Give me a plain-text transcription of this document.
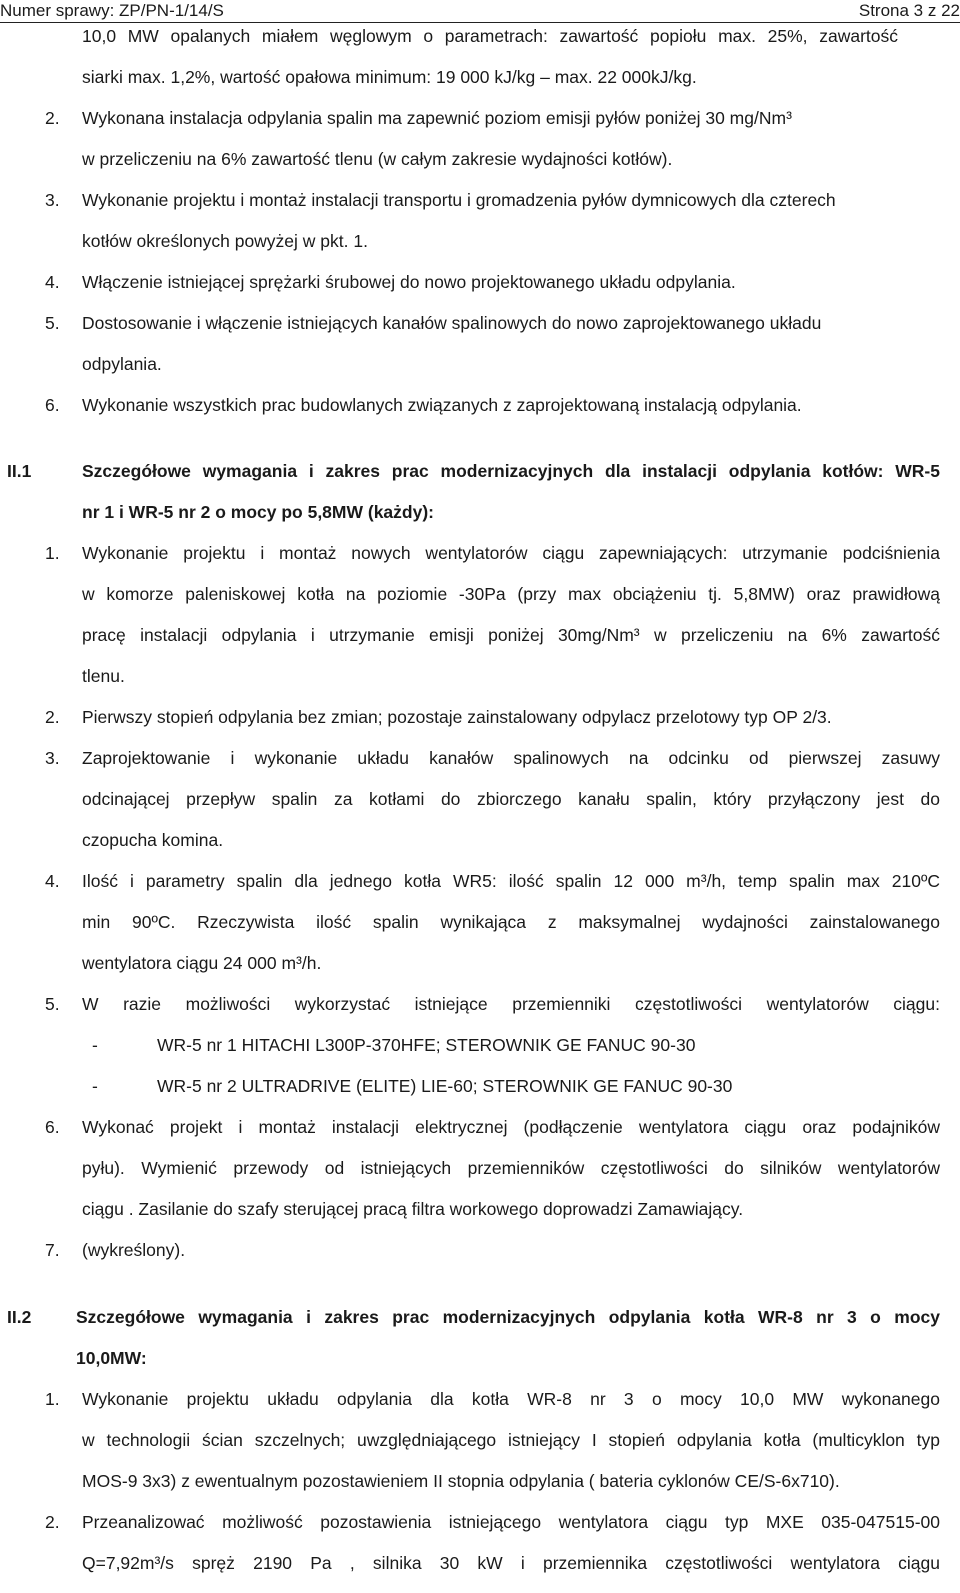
Numer sprawy: ZP/PN-1/14/S	Strona 3 z 22
10,0 MW opalanych miałem węglowym o parametrach: zawartość popiołu max. 25%, zawartość
siarki max. 1,2%, wartość opałowa minimum: 19 000 kJ/kg – max. 22 000kJ/kg.
2. Wykonana instalacja odpylania spalin ma zapewnić poziom emisji pyłów poniżej 30 mg/Nm³
w przeliczeniu na 6% zawartość tlenu (w całym zakresie wydajności kotłów).
3. Wykonanie projektu i montaż instalacji transportu i gromadzenia pyłów dymnicowych dla czterech
kotłów określonych powyżej w pkt. 1.
4. Włączenie istniejącej sprężarki śrubowej do nowo projektowanego układu odpylania.
5. Dostosowanie i włączenie istniejących kanałów spalinowych do nowo zaprojektowanego układu
odpylania.
6. Wykonanie wszystkich prac budowlanych związanych z zaprojektowaną instalacją odpylania.
II.1	Szczegółowe wymagania i zakres prac modernizacyjnych dla instalacji odpylania kotłów: WR-5
nr 1 i WR-5 nr 2 o mocy po 5,8MW (każdy):
1. Wykonanie projektu i montaż nowych wentylatorów ciągu zapewniających: utrzymanie podciśnienia
w komorze paleniskowej kotła na poziomie -30Pa (przy max obciążeniu tj. 5,8MW) oraz prawidłową
pracę instalacji odpylania i utrzymanie emisji poniżej 30mg/Nm³ w przeliczeniu na 6% zawartość
tlenu.
2. Pierwszy stopień odpylania bez zmian; pozostaje zainstalowany odpylacz przelotowy typ OP 2/3.
3. Zaprojektowanie i wykonanie układu kanałów spalinowych na odcinku od pierwszej zasuwy
odcinającej przepływ spalin za kotłami do zbiorczego kanału spalin, który przyłączony jest do
czopucha komina.
4. Ilość i parametry spalin dla jednego kotła WR5: ilość spalin 12 000 m³/h, temp spalin max 210ºC
min 90ºC. Rzeczywista ilość spalin wynikająca z maksymalnej wydajności zainstalowanego
wentylatora ciągu 24 000 m³/h.
5. W razie możliwości wykorzystać istniejące przemienniki częstotliwości wentylatorów ciągu:
-	WR-5 nr 1 HITACHI L300P-370HFE; STEROWNIK GE FANUC 90-30
-	WR-5 nr 2 ULTRADRIVE (ELITE) LIE-60; STEROWNIK GE FANUC 90-30
6. Wykonać projekt i montaż instalacji elektrycznej (podłączenie wentylatora ciągu oraz podajników
pyłu). Wymienić przewody od istniejących przemienników częstotliwości do silników wentylatorów
ciągu . Zasilanie do szafy sterującej pracą filtra workowego doprowadzi Zamawiający.
7. (wykreślony).
II.2	Szczegółowe wymagania i zakres prac modernizacyjnych odpylania kotła WR-8 nr 3 o mocy
10,0MW:
1. Wykonanie projektu układu odpylania dla kotła WR-8 nr 3 o mocy 10,0 MW wykonanego
w technologii ścian szczelnych; uwzględniającego istniejący I stopień odpylania kotła (multicyklon typ
MOS-9 3x3) z ewentualnym pozostawieniem II stopnia odpylania ( bateria cyklonów CE/S-6x710).
2. Przeanalizować możliwość pozostawienia istniejącego wentylatora ciągu typ MXE 035-047515-00
Q=7,92m³/s spręż 2190 Pa , silnika 30 kW i przemiennika częstotliwości wentylatora ciągu
